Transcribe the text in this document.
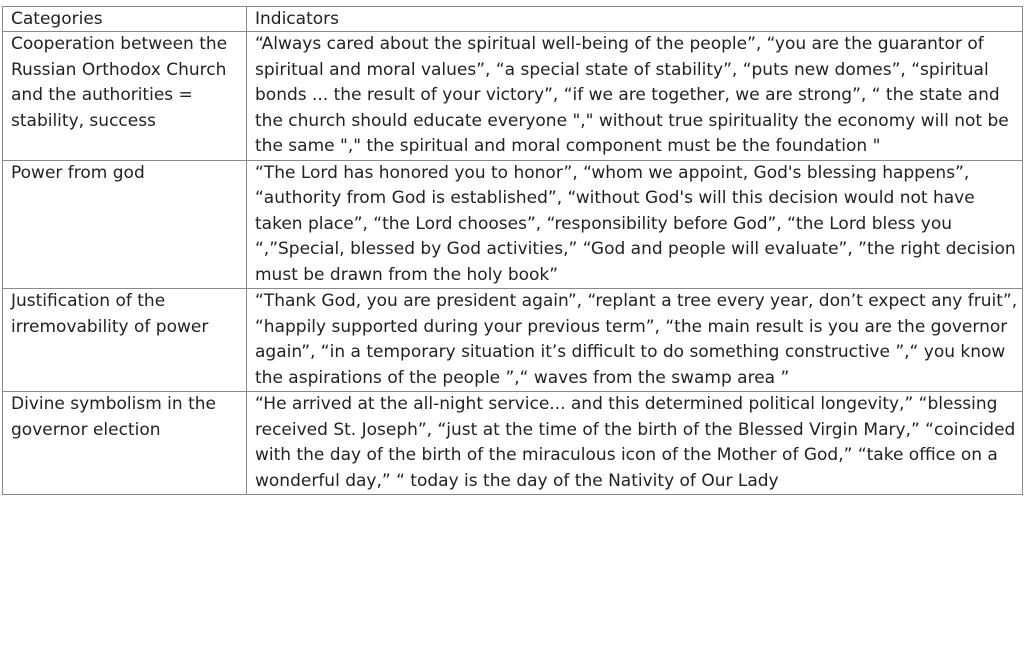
Categories	Indicators
Cooperation between the Russian Orthodox Church and the authorities = stability, success	“Always cared about the spiritual well-being of the people”, “you are the guarantor of spiritual and moral values”, “a special state of stability”, “puts new domes”, “spiritual bonds ... the result of your victory”, “if we are together, we are strong”, “ the state and the church should educate everyone "," without true spirituality the economy will not be the same "," the spiritual and moral component must be the foundation "
Power from god	“The Lord has honored you to honor”, “whom we appoint, God's blessing happens”, “authority from God is established”, “without God's will this decision would not have taken place”, “the Lord chooses”, “responsibility before God”, “the Lord bless you “,”Special, blessed by God activities,” “God and people will evaluate”, ”the right decision must be drawn from the holy book”
Justification of the irremovability of power	“Thank God, you are president again”, “replant a tree every year, don’t expect any fruit”, “happily supported during your previous term”, “the main result is you are the governor again”, “in a temporary situation it’s difficult to do something constructive ”,“ you know the aspirations of the people ”,“ waves from the swamp area ”
Divine symbolism in the governor election	“He arrived at the all-night service... and this determined political longevity,” “blessing received St. Joseph”, “just at the time of the birth of the Blessed Virgin Mary,” “coincided with the day of the birth of the miraculous icon of the Mother of God,” “take office on a wonderful day,” “ today is the day of the Nativity of Our Lady
